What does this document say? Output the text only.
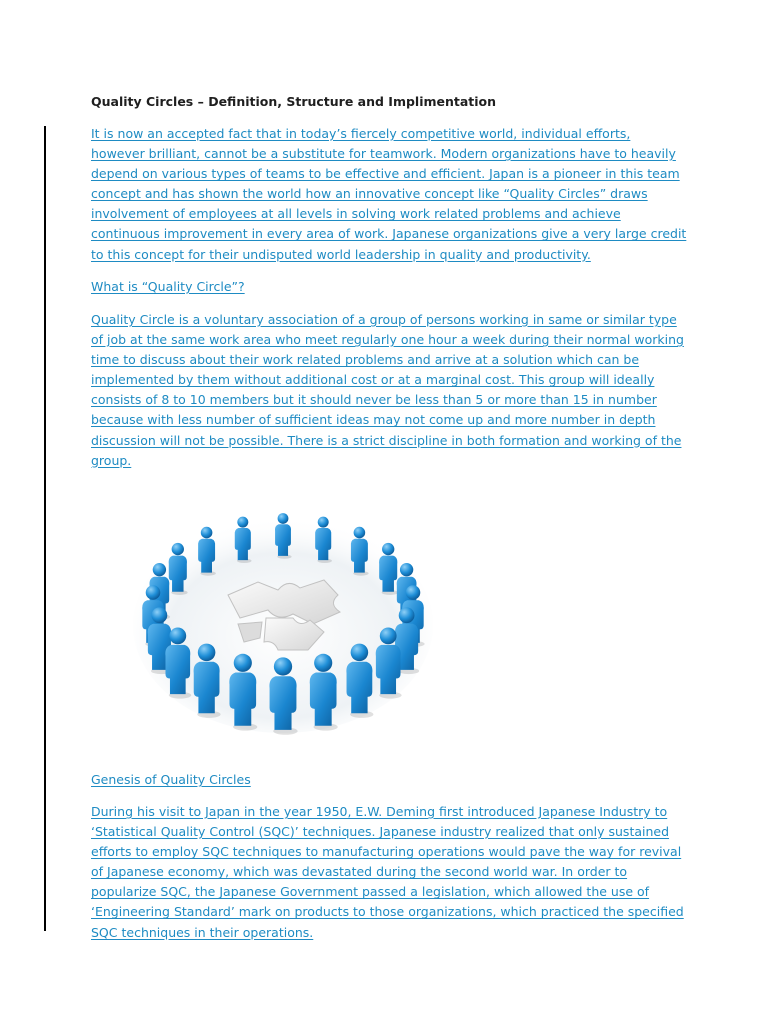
Quality Circles – Definition, Structure and Implimentation

It is now an accepted fact that in today’s fiercely competitive world, individual efforts, however brilliant, cannot be a substitute for teamwork. Modern organizations have to heavily depend on various types of teams to be effective and efficient. Japan is a pioneer in this team concept and has shown the world how an innovative concept like “Quality Circles” draws involvement of employees at all levels in solving work related problems and achieve continuous improvement in every area of work. Japanese organizations give a very large credit to this concept for their undisputed world leadership in quality and productivity.

What is “Quality Circle”?

Quality Circle is a voluntary association of a group of persons working in same or similar type of job at the same work area who meet regularly one hour a week during their normal working time to discuss about their work related problems and arrive at a solution which can be implemented by them without additional cost or at a marginal cost. This group will ideally consists of 8 to 10 members but it should never be less than 5 or more than 15 in number because with less number of sufficient ideas may not come up and more number in depth discussion will not be possible. There is a strict discipline in both formation and working of the group.

Genesis of Quality Circles

During his visit to Japan in the year 1950, E.W. Deming first introduced Japanese Industry to ‘Statistical Quality Control (SQC)’ techniques. Japanese industry realized that only sustained efforts to employ SQC techniques to manufacturing operations would pave the way for revival of Japanese economy, which was devastated during the second world war. In order to popularize SQC, the Japanese Government passed a legislation, which allowed the use of ‘Engineering Standard’ mark on products to those organizations, which practiced the specified SQC techniques in their operations.
